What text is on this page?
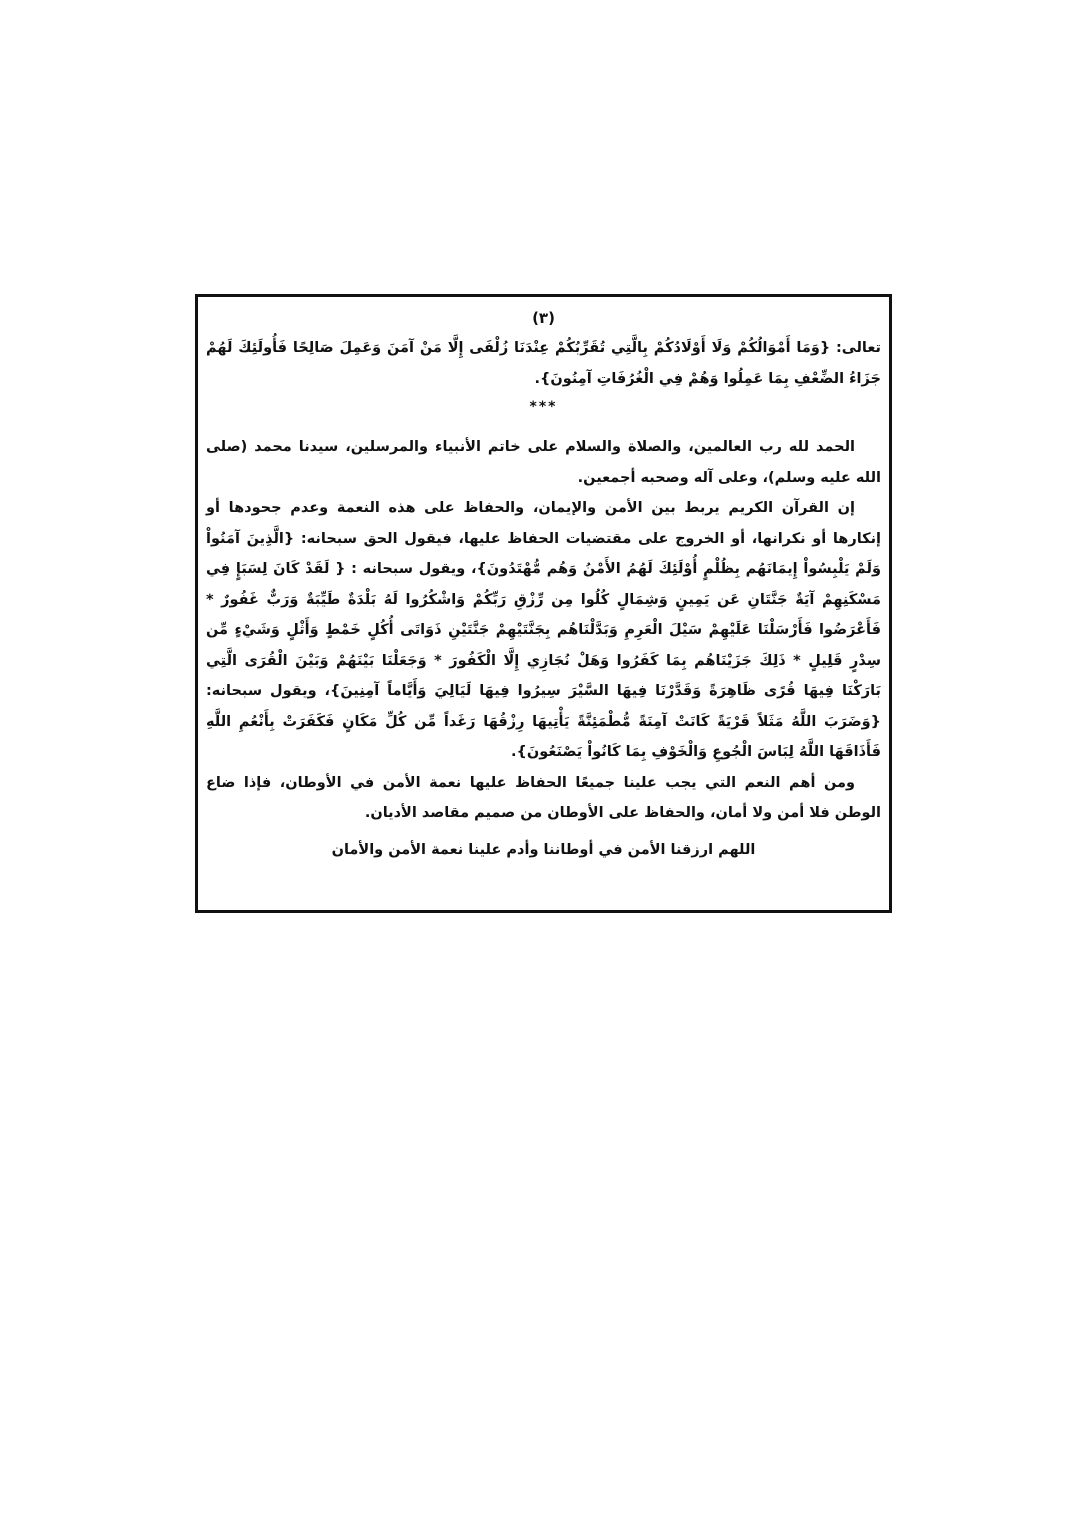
(٣)

تعالى: {وَمَا أَمْوَالُكُمْ وَلَا أَوْلَادُكُمْ بِالَّتِي تُقَرِّبُكُمْ عِنْدَنَا زُلْفَى إِلَّا مَنْ آمَنَ وَعَمِلَ صَالِحًا فَأُولَئِكَ لَهُمْ جَزَاءُ الضِّعْفِ بِمَا عَمِلُوا وَهُمْ فِي الْغُرُفَاتِ آمِنُونَ}.

***

الحمد لله رب العالمين، والصلاة والسلام على خاتم الأنبياء والمرسلين، سيدنا محمد (صلى الله عليه وسلم)، وعلى آله وصحبه أجمعين.

إن القرآن الكريم يربط بين الأمن والإيمان، والحفاظ على هذه النعمة وعدم جحودها أو إنكارها أو نكرانها، أو الخروج على مقتضيات الحفاظ عليها، فيقول الحق سبحانه: {الَّذِينَ آمَنُواْ وَلَمْ يَلْبِسُواْ إِيمَانَهُم بِظُلْمٍ أُوْلَئِكَ لَهُمُ الأَمْنُ وَهُم مُّهْتَدُونَ}، ويقول سبحانه : { لَقَدْ كَانَ لِسَبَإٍ فِي مَسْكَنِهِمْ آيَةٌ جَنَّتَانِ عَن يَمِينٍ وَشِمَالٍ كُلُوا مِن رِّزْقِ رَبِّكُمْ وَاشْكُرُوا لَهُ بَلْدَةٌ طَيِّبَةٌ وَرَبٌّ غَفُورٌ * فَأَعْرَضُوا فَأَرْسَلْنَا عَلَيْهِمْ سَيْلَ الْعَرِمِ وَبَدَّلْنَاهُم بِجَنَّتَيْهِمْ جَنَّتَيْنِ ذَوَاتَى أُكُلٍ خَمْطٍ وَأَثْلٍ وَشَيْءٍ مِّن سِدْرٍ قَلِيلٍ * ذَلِكَ جَزَيْنَاهُم بِمَا كَفَرُوا وَهَلْ نُجَازِي إِلَّا الْكَفُورَ * وَجَعَلْنَا بَيْنَهُمْ وَبَيْنَ الْقُرَى الَّتِي بَارَكْنَا فِيهَا قُرًى ظَاهِرَةً وَقَدَّرْنَا فِيهَا السَّيْرَ سِيرُوا فِيهَا لَيَالِيَ وَأَيَّاماً آمِنِينَ}، ويقول سبحانه: {وَضَرَبَ اللَّهُ مَثَلاً قَرْيَةً كَانَتْ آمِنَةً مُّطْمَئِنَّةً يَأْتِيهَا رِزْقُهَا رَغَداً مِّن كُلِّ مَكَانٍ فَكَفَرَتْ بِأَنْعُمِ اللَّهِ فَأَذَاقَهَا اللَّهُ لِبَاسَ الْجُوعِ وَالْخَوْفِ بِمَا كَانُواْ يَصْنَعُونَ}.

ومن أهم النعم التي يجب علينا جميعًا الحفاظ عليها نعمة الأمن في الأوطان، فإذا ضاع الوطن فلا أمن ولا أمان، والحفاظ على الأوطان من صميم مقاصد الأديان.

اللهم ارزقنا الأمن في أوطاننا وأدم علينا نعمة الأمن والأمان
